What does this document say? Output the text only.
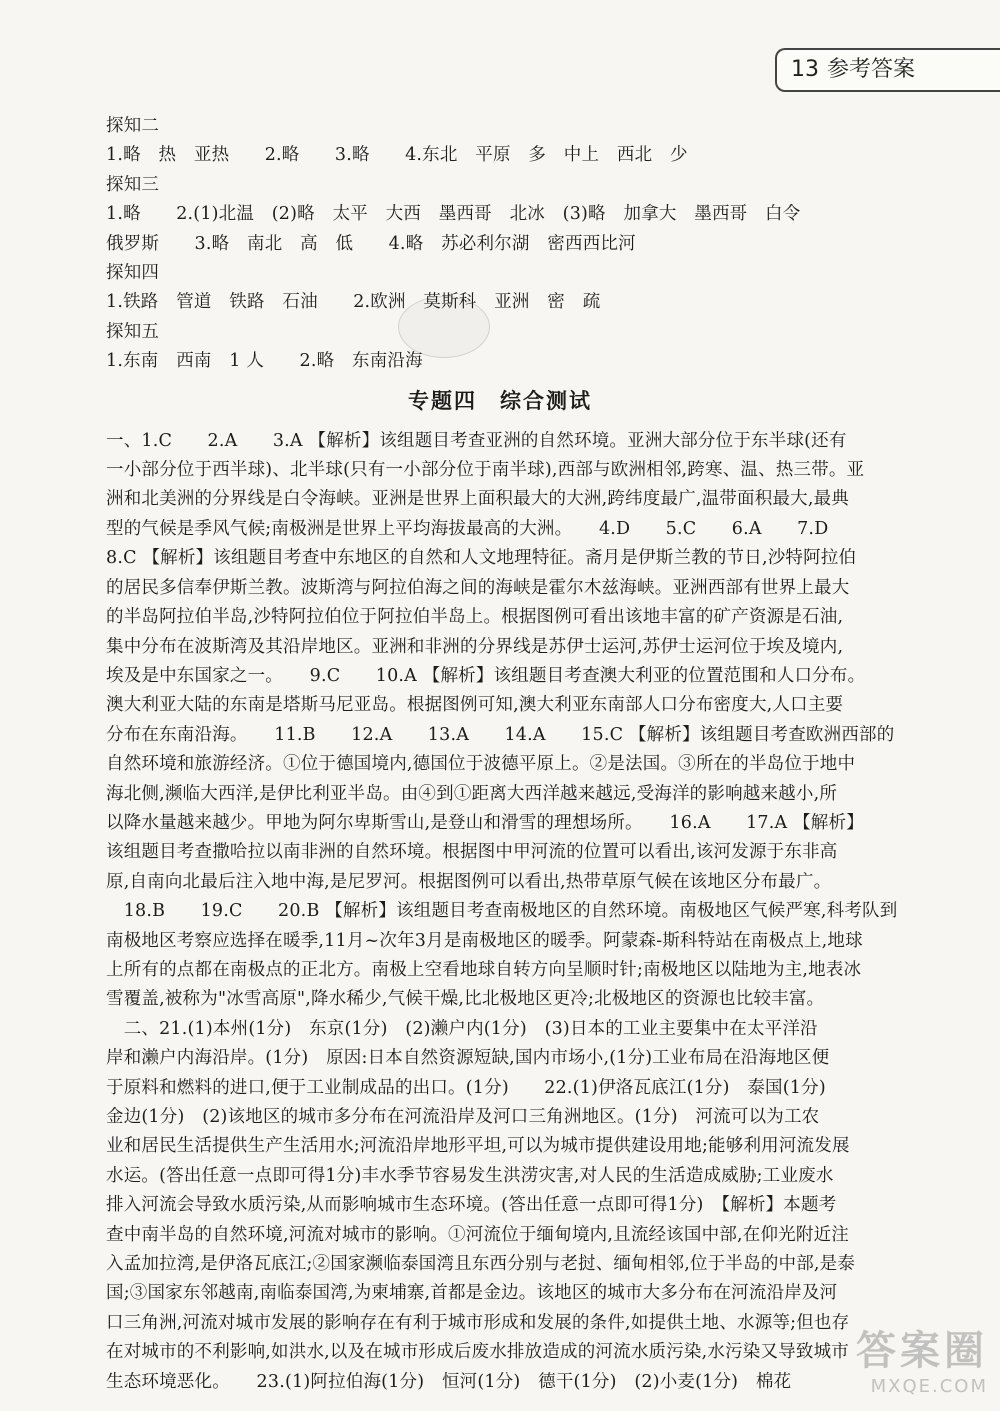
13 参考答案
探知二
1.略　热　亚热　　2.略　　3.略　　4.东北　平原　多　中上　西北　少
探知三
1.略　　2.(1)北温　(2)略　太平　大西　墨西哥　北冰　(3)略　加拿大　墨西哥　白令
俄罗斯　　3.略　南北　高　低　　4.略　苏必利尔湖　密西西比河
探知四
1.铁路　管道　铁路　石油　　2.欧洲　莫斯科　亚洲　密　疏
探知五
1.东南　西南　1 人　　2.略　东南沿海
专题四　综合测试
一、1.C　　2.A　　3.A 【解析】该组题目考查亚洲的自然环境。亚洲大部分位于东半球(还有
一小部分位于西半球)、北半球(只有一小部分位于南半球),西部与欧洲相邻,跨寒、温、热三带。亚
洲和北美洲的分界线是白令海峡。亚洲是世界上面积最大的大洲,跨纬度最广,温带面积最大,最典
型的气候是季风气候;南极洲是世界上平均海拔最高的大洲。　　4.D　　5.C　　6.A　　7.D
8.C 【解析】该组题目考查中东地区的自然和人文地理特征。斋月是伊斯兰教的节日,沙特阿拉伯
的居民多信奉伊斯兰教。波斯湾与阿拉伯海之间的海峡是霍尔木兹海峡。亚洲西部有世界上最大
的半岛阿拉伯半岛,沙特阿拉伯位于阿拉伯半岛上。根据图例可看出该地丰富的矿产资源是石油,
集中分布在波斯湾及其沿岸地区。亚洲和非洲的分界线是苏伊士运河,苏伊士运河位于埃及境内,
埃及是中东国家之一。　　9.C　　10.A 【解析】该组题目考查澳大利亚的位置范围和人口分布。
澳大利亚大陆的东南是塔斯马尼亚岛。根据图例可知,澳大利亚东南部人口分布密度大,人口主要
分布在东南沿海。　　11.B　　12.A　　13.A　　14.A　　15.C 【解析】该组题目考查欧洲西部的
自然环境和旅游经济。①位于德国境内,德国位于波德平原上。②是法国。③所在的半岛位于地中
海北侧,濒临大西洋,是伊比利亚半岛。由④到①距离大西洋越来越远,受海洋的影响越来越小,所
以降水量越来越少。甲地为阿尔卑斯雪山,是登山和滑雪的理想场所。　　16.A　　17.A 【解析】
该组题目考查撒哈拉以南非洲的自然环境。根据图中甲河流的位置可以看出,该河发源于东非高
原,自南向北最后注入地中海,是尼罗河。根据图例可以看出,热带草原气候在该地区分布最广。
　18.B　　19.C　　20.B 【解析】该组题目考查南极地区的自然环境。南极地区气候严寒,科考队到
南极地区考察应选择在暖季,11月~次年3月是南极地区的暖季。阿蒙森-斯科特站在南极点上,地球
上所有的点都在南极点的正北方。南极上空看地球自转方向呈顺时针;南极地区以陆地为主,地表冰
雪覆盖,被称为"冰雪高原",降水稀少,气候干燥,比北极地区更冷;北极地区的资源也比较丰富。
　二、21.(1)本州(1分)　东京(1分)　(2)濑户内(1分)　(3)日本的工业主要集中在太平洋沿
岸和濑户内海沿岸。(1分)　原因:日本自然资源短缺,国内市场小,(1分)工业布局在沿海地区便
于原料和燃料的进口,便于工业制成品的出口。(1分)　　22.(1)伊洛瓦底江(1分)　泰国(1分)
金边(1分)　(2)该地区的城市多分布在河流沿岸及河口三角洲地区。(1分)　河流可以为工农
业和居民生活提供生产生活用水;河流沿岸地形平坦,可以为城市提供建设用地;能够利用河流发展
水运。(答出任意一点即可得1分)丰水季节容易发生洪涝灾害,对人民的生活造成威胁;工业废水
排入河流会导致水质污染,从而影响城市生态环境。(答出任意一点即可得1分)　【解析】本题考
查中南半岛的自然环境,河流对城市的影响。①河流位于缅甸境内,且流经该国中部,在仰光附近注
入孟加拉湾,是伊洛瓦底江;②国家濒临泰国湾且东西分别与老挝、缅甸相邻,位于半岛的中部,是泰
国;③国家东邻越南,南临泰国湾,为柬埔寨,首都是金边。该地区的城市大多分布在河流沿岸及河
口三角洲,河流对城市发展的影响存在有利于城市形成和发展的条件,如提供土地、水源等;但也存
在对城市的不利影响,如洪水,以及在城市形成后废水排放造成的河流水质污染,水污染又导致城市
生态环境恶化。　　23.(1)阿拉伯海(1分)　恒河(1分)　德干(1分)　(2)小麦(1分)　棉花
答案圈
MXQE.COM
